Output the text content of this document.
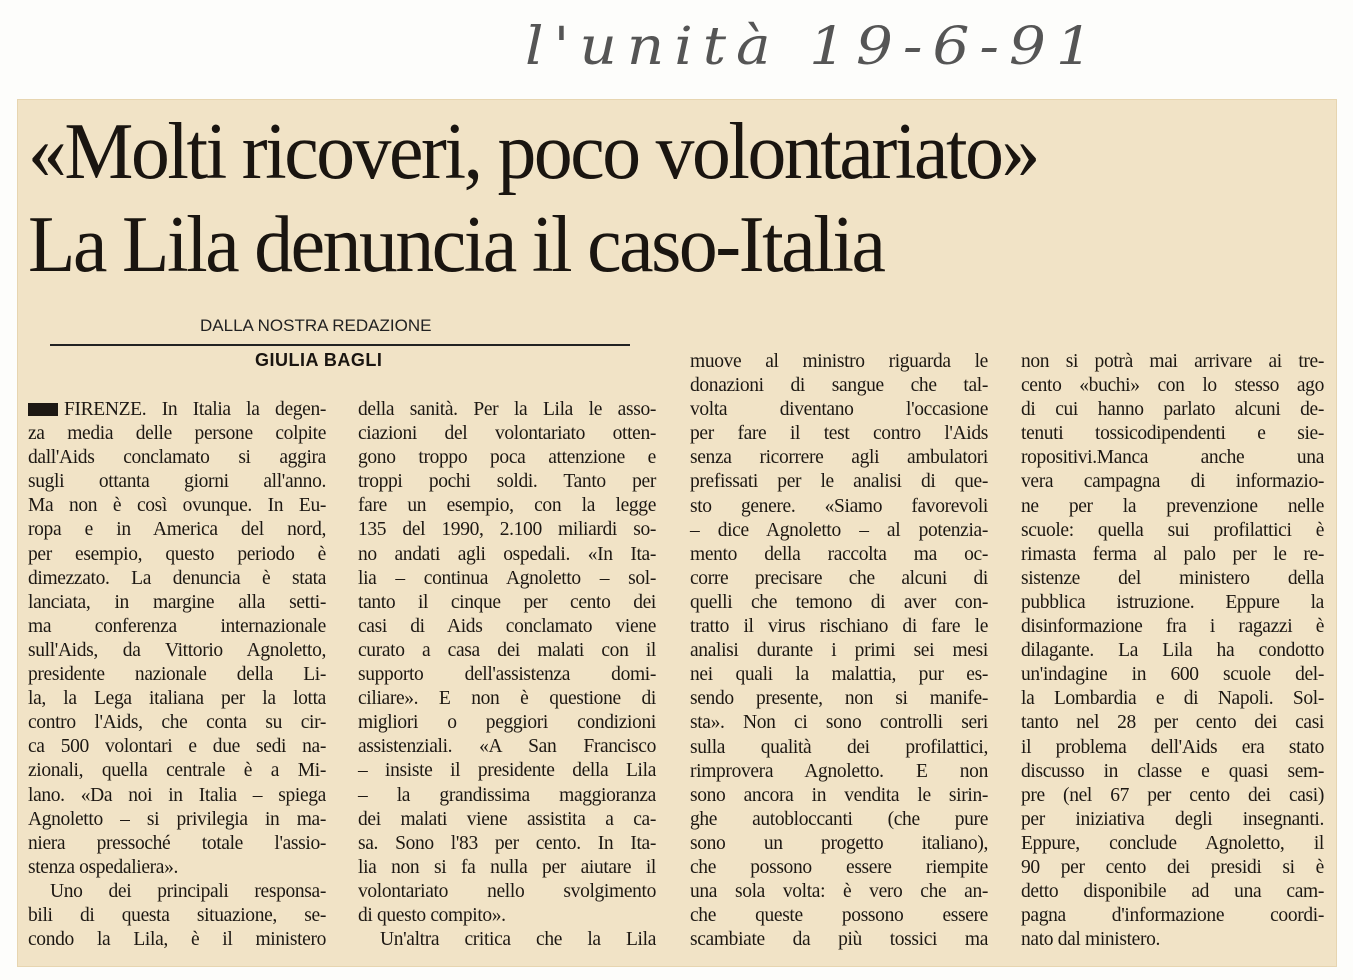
l'unità 19-6-91
«Molti ricoveri, poco volontariato»
La Lila denuncia il caso-Italia
DALLA NOSTRA REDAZIONE
GIULIA BAGLI
FIRENZE. In Italia la degen-
za media delle persone colpite
dall'Aids conclamato si aggira
sugli ottanta giorni all'anno.
Ma non è così ovunque. In Eu-
ropa e in America del nord,
per esempio, questo periodo è
dimezzato. La denuncia è stata
lanciata, in margine alla setti-
ma conferenza internazionale
sull'Aids, da Vittorio Agnoletto,
presidente nazionale della Li-
la, la Lega italiana per la lotta
contro l'Aids, che conta su cir-
ca 500 volontari e due sedi na-
zionali, quella centrale è a Mi-
lano. «Da noi in Italia – spiega
Agnoletto – si privilegia in ma-
niera pressoché totale l'assio-
stenza ospedaliera».
Uno dei principali responsa-
bili di questa situazione, se-
condo la Lila, è il ministero
della sanità. Per la Lila le asso-
ciazioni del volontariato otten-
gono troppo poca attenzione e
troppi pochi soldi. Tanto per
fare un esempio, con la legge
135 del 1990, 2.100 miliardi so-
no andati agli ospedali. «In Ita-
lia – continua Agnoletto – sol-
tanto il cinque per cento dei
casi di Aids conclamato viene
curato a casa dei malati con il
supporto dell'assistenza domi-
ciliare». E non è questione di
migliori o peggiori condizioni
assistenziali. «A San Francisco
– insiste il presidente della Lila
– la grandissima maggioranza
dei malati viene assistita a ca-
sa. Sono l'83 per cento. In Ita-
lia non si fa nulla per aiutare il
volontariato nello svolgimento
di questo compito».
Un'altra critica che la Lila
muove al ministro riguarda le
donazioni di sangue che tal-
volta diventano l'occasione
per fare il test contro l'Aids
senza ricorrere agli ambulatori
prefissati per le analisi di que-
sto genere. «Siamo favorevoli
– dice Agnoletto – al potenzia-
mento della raccolta ma oc-
corre precisare che alcuni di
quelli che temono di aver con-
tratto il virus rischiano di fare le
analisi durante i primi sei mesi
nei quali la malattia, pur es-
sendo presente, non si manife-
sta». Non ci sono controlli seri
sulla qualità dei profilattici,
rimprovera Agnoletto. E non
sono ancora in vendita le sirin-
ghe autobloccanti (che pure
sono un progetto italiano),
che possono essere riempite
una sola volta: è vero che an-
che queste possono essere
scambiate da più tossici ma
non si potrà mai arrivare ai tre-
cento «buchi» con lo stesso ago
di cui hanno parlato alcuni de-
tenuti tossicodipendenti e sie-
ropositivi.Manca anche una
vera campagna di informazio-
ne per la prevenzione nelle
scuole: quella sui profilattici è
rimasta ferma al palo per le re-
sistenze del ministero della
pubblica istruzione. Eppure la
disinformazione fra i ragazzi è
dilagante. La Lila ha condotto
un'indagine in 600 scuole del-
la Lombardia e di Napoli. Sol-
tanto nel 28 per cento dei casi
il problema dell'Aids era stato
discusso in classe e quasi sem-
pre (nel 67 per cento dei casi)
per iniziativa degli insegnanti.
Eppure, conclude Agnoletto, il
90 per cento dei presidi si è
detto disponibile ad una cam-
pagna d'informazione coordi-
nato dal ministero.
